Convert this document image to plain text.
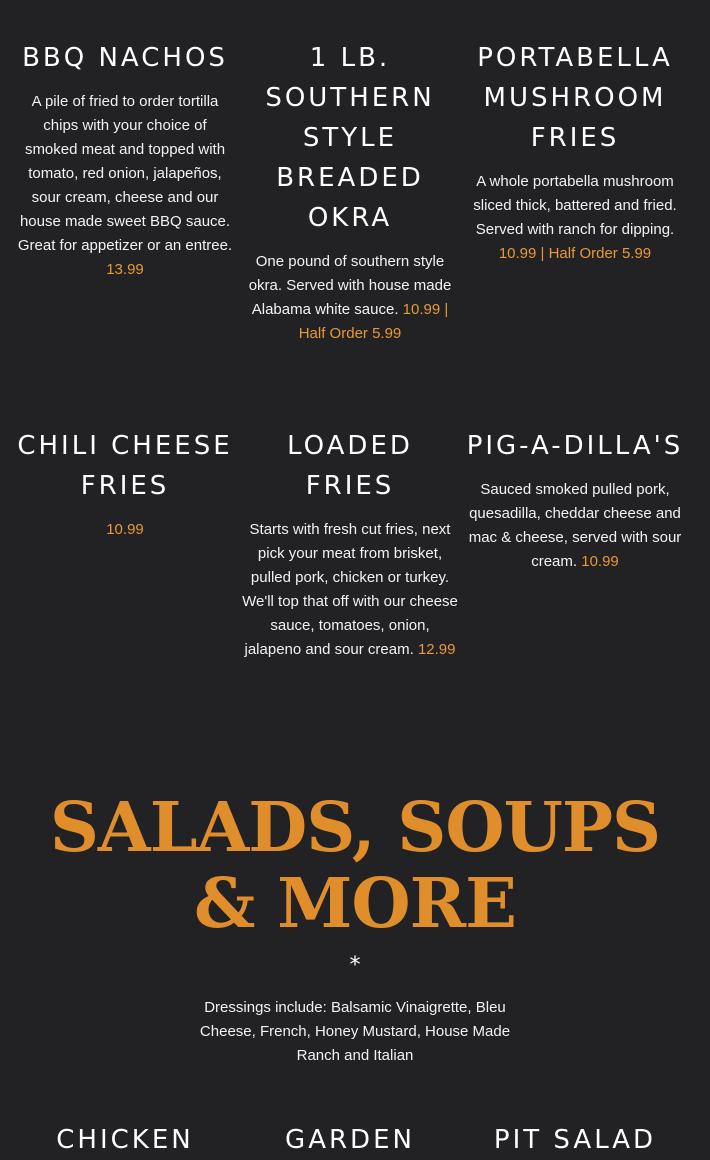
BBQ NACHOS

A pile of fried to order tortilla chips with your choice of smoked meat and topped with tomato, red onion, jalapeños, sour cream, cheese and our house made sweet BBQ sauce. Great for appetizer or an entree. 13.99

1 LB. SOUTHERN STYLE BREADED OKRA

One pound of southern style okra. Served with house made Alabama white sauce. 10.99 | Half Order 5.99

PORTABELLA MUSHROOM FRIES

A whole portabella mushroom sliced thick, battered and fried. Served with ranch for dipping. 10.99 | Half Order 5.99

CHILI CHEESE FRIES

10.99

LOADED FRIES

Starts with fresh cut fries, next pick your meat from brisket, pulled pork, chicken or turkey. We'll top that off with our cheese sauce, tomatoes, onion, jalapeno and sour cream. 12.99

PIG-A-DILLA'S

Sauced smoked pulled pork, quesadilla, cheddar cheese and mac & cheese, served with sour cream. 10.99

SALADS, SOUPS
& MORE
*
Dressings include: Balsamic Vinaigrette, Bleu Cheese, French, Honey Mustard, House Made Ranch and Italian
CHICKEN	GARDEN	PIT SALAD
